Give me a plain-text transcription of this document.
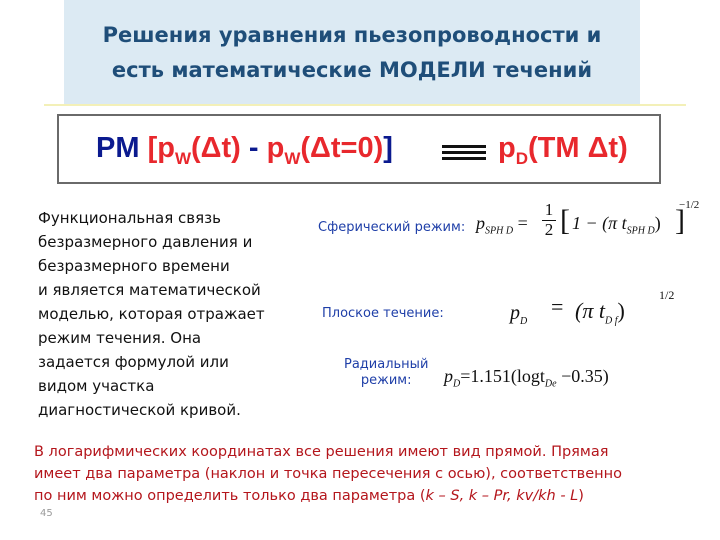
Решения уравнения пьезопроводности и
есть математические МОДЕЛИ течений
PM $[p_W(\Delta t) - p_W(\Delta t=0)]$	$p_D(TM$ Δt)
Функциональная связь
безразмерного давления и
безразмерного времени
и является математической
моделью, которая отражает
режим течения. Она
задается формулой или
видом участка
диагностической кривой.
Сферический режим: $p_{SPH D} = \frac{1}{2}$ [ 1 − (π $t_{SPH D}$) ]
−1/2
Плоское течение:	$p_D$
= (π $t_{D f}$)
1/2
Радиальный
режим:	$p_D=1.151(\log t_{De} -0.35)$
В логарифмических координатах все решения имеют вид прямой. Прямая
имеет два параметра (наклон и точка пересечения с осью), соответственно
по ним можно определить только два параметра (k – S, k – Pr, kv/kh - L)
45
